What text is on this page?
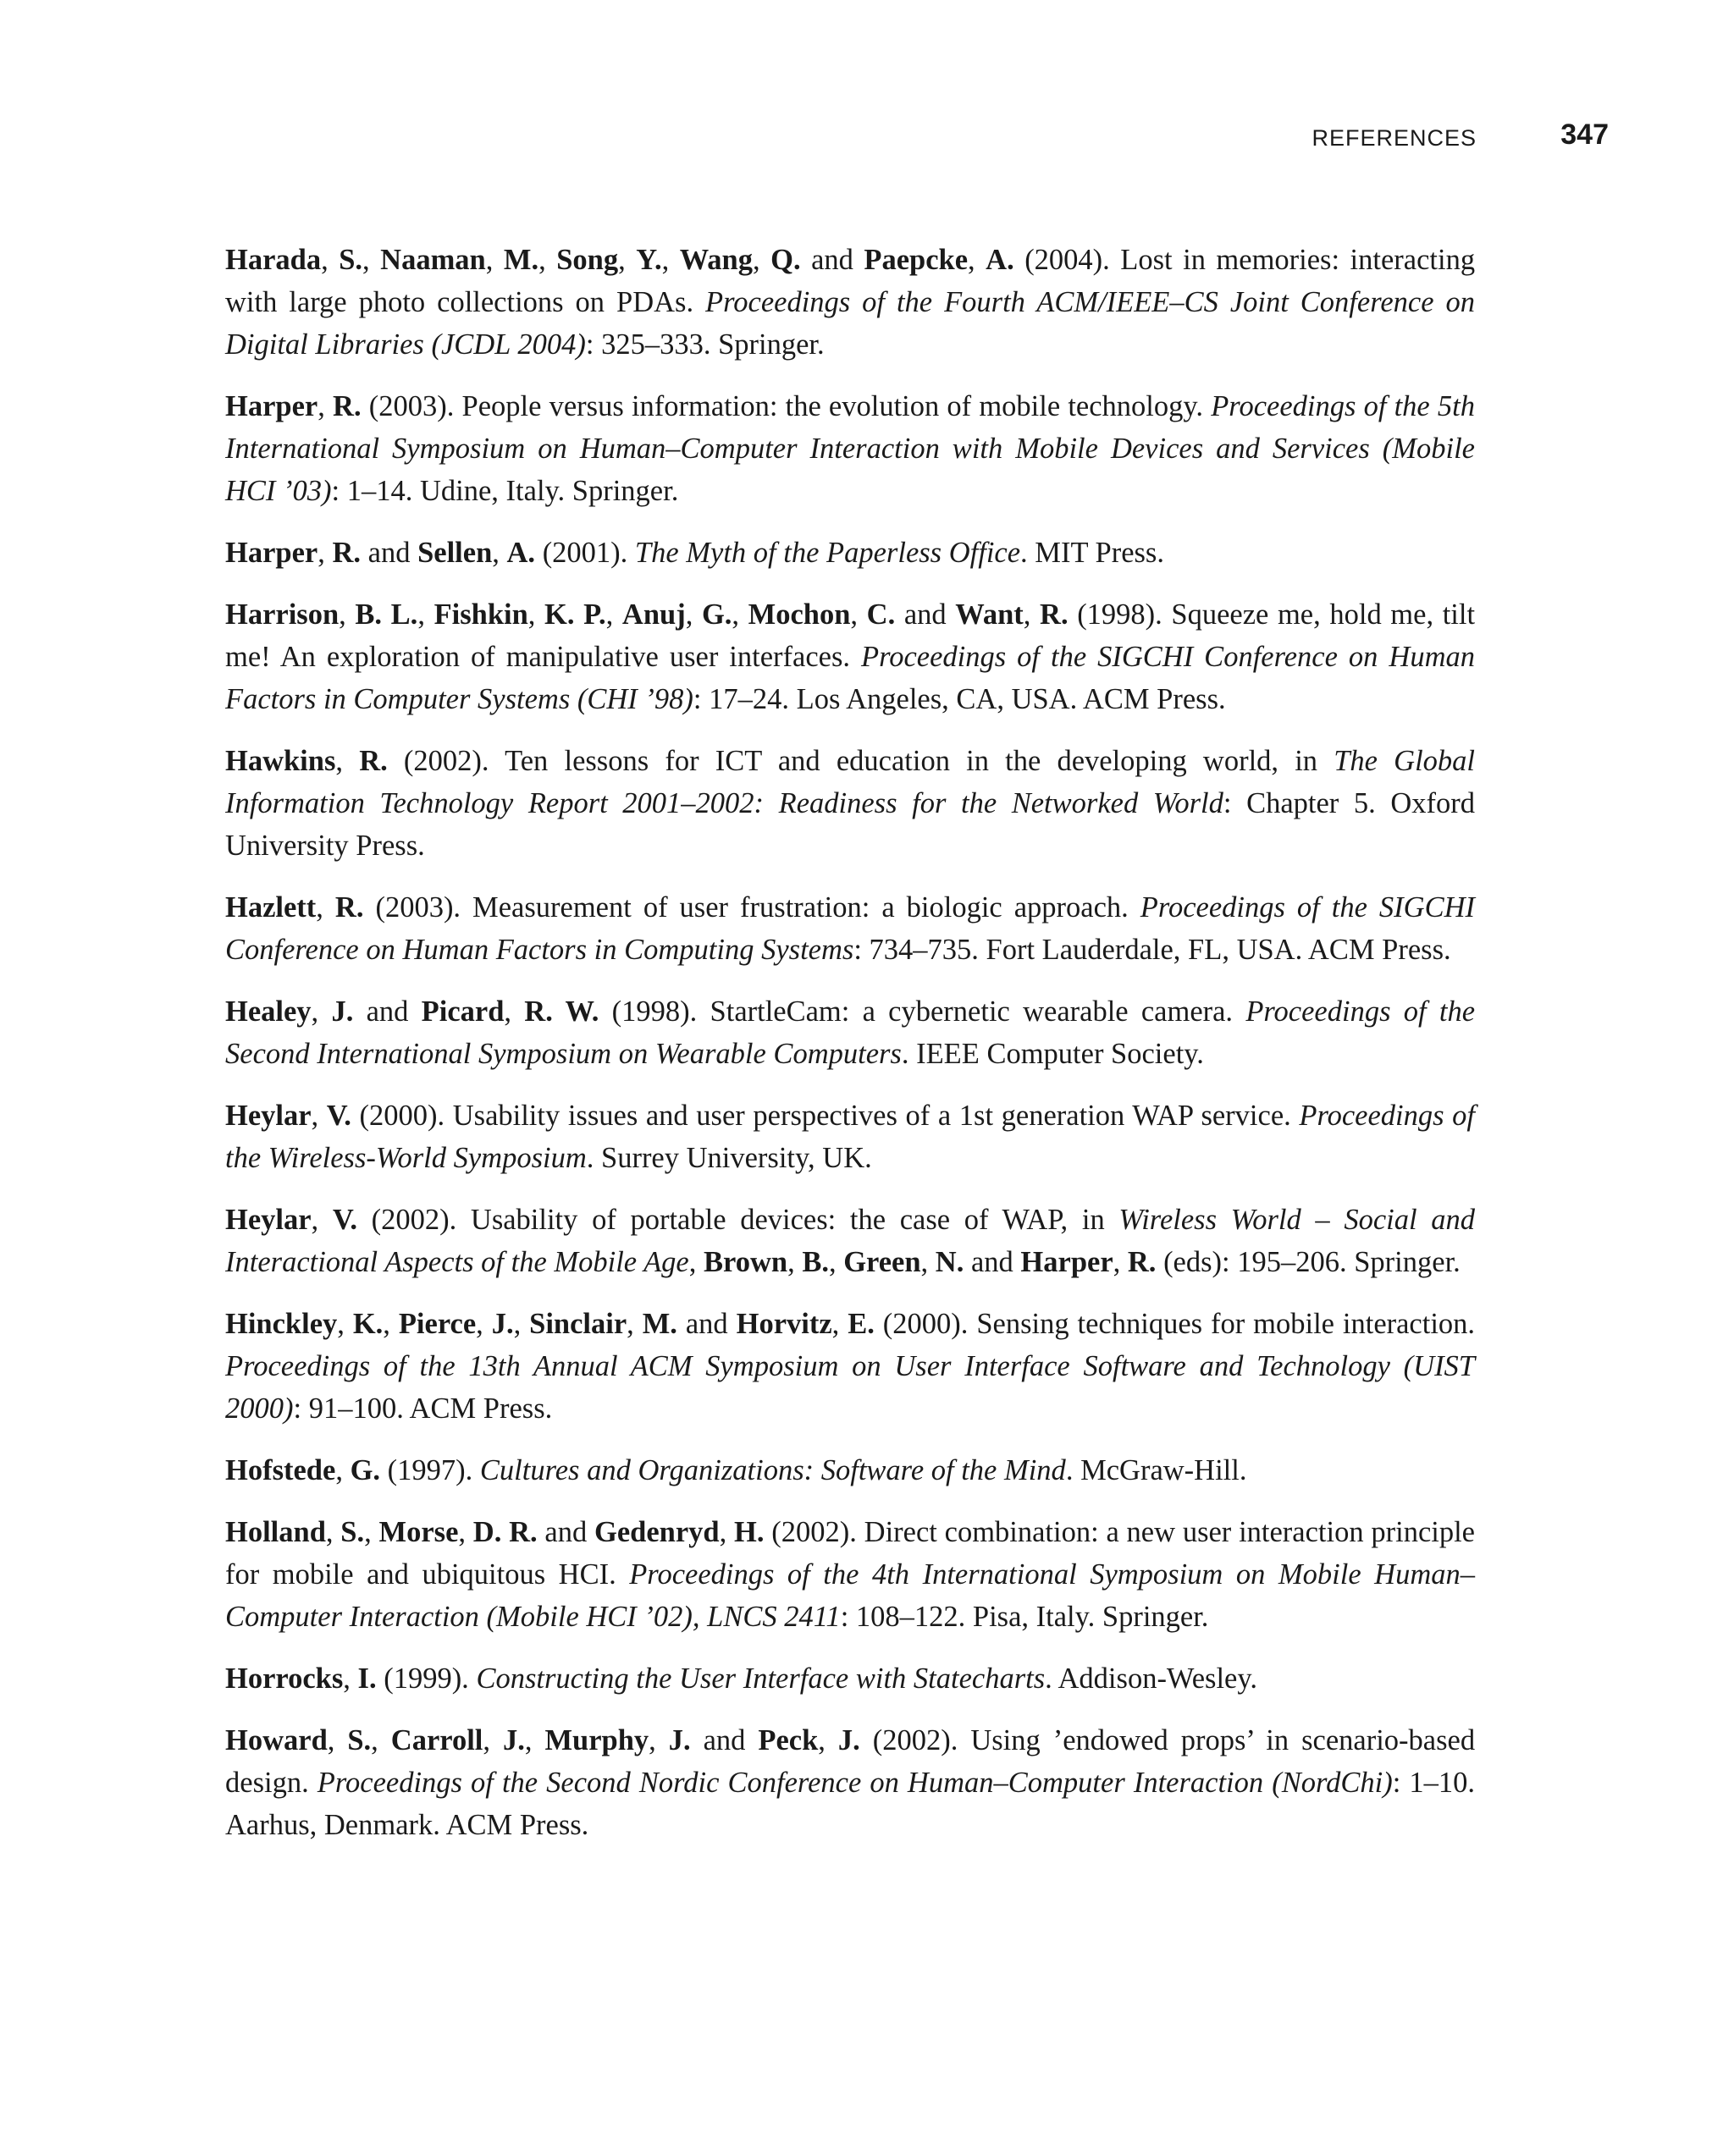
REFERENCES	347

Harada, S., Naaman, M., Song, Y., Wang, Q. and Paepcke, A. (2004). Lost in memories: interacting with large photo collections on PDAs. Proceedings of the Fourth ACM/IEEE–CS Joint Conference on Digital Libraries (JCDL 2004): 325–333. Springer.

Harper, R. (2003). People versus information: the evolution of mobile technology. Proceedings of the 5th International Symposium on Human–Computer Interaction with Mobile Devices and Services (Mobile HCI ’03): 1–14. Udine, Italy. Springer.

Harper, R. and Sellen, A. (2001). The Myth of the Paperless Office. MIT Press.

Harrison, B. L., Fishkin, K. P., Anuj, G., Mochon, C. and Want, R. (1998). Squeeze me, hold me, tilt me! An exploration of manipulative user interfaces. Proceedings of the SIGCHI Conference on Human Factors in Computer Systems (CHI ’98): 17–24. Los Angeles, CA, USA. ACM Press.

Hawkins, R. (2002). Ten lessons for ICT and education in the developing world, in The Global Information Technology Report 2001–2002: Readiness for the Networked World: Chapter 5. Oxford University Press.

Hazlett, R. (2003). Measurement of user frustration: a biologic approach. Proceedings of the SIGCHI Conference on Human Factors in Computing Systems: 734–735. Fort Lauderdale, FL, USA. ACM Press.

Healey, J. and Picard, R. W. (1998). StartleCam: a cybernetic wearable camera. Proceedings of the Second International Symposium on Wearable Computers. IEEE Computer Society.

Heylar, V. (2000). Usability issues and user perspectives of a 1st generation WAP service. Proceedings of the Wireless-World Symposium. Surrey University, UK.

Heylar, V. (2002). Usability of portable devices: the case of WAP, in Wireless World – Social and Interactional Aspects of the Mobile Age, Brown, B., Green, N. and Harper, R. (eds): 195–206. Springer.

Hinckley, K., Pierce, J., Sinclair, M. and Horvitz, E. (2000). Sensing techniques for mobile interaction. Proceedings of the 13th Annual ACM Symposium on User Interface Software and Technology (UIST 2000): 91–100. ACM Press.

Hofstede, G. (1997). Cultures and Organizations: Software of the Mind. McGraw-Hill.

Holland, S., Morse, D. R. and Gedenryd, H. (2002). Direct combination: a new user interaction principle for mobile and ubiquitous HCI. Proceedings of the 4th International Symposium on Mobile Human–Computer Interaction (Mobile HCI ’02), LNCS 2411: 108–122. Pisa, Italy. Springer.

Horrocks, I. (1999). Constructing the User Interface with Statecharts. Addison-Wesley.

Howard, S., Carroll, J., Murphy, J. and Peck, J. (2002). Using ’endowed props’ in scenario-based design. Proceedings of the Second Nordic Conference on Human–Computer Interaction (NordChi): 1–10. Aarhus, Denmark. ACM Press.
